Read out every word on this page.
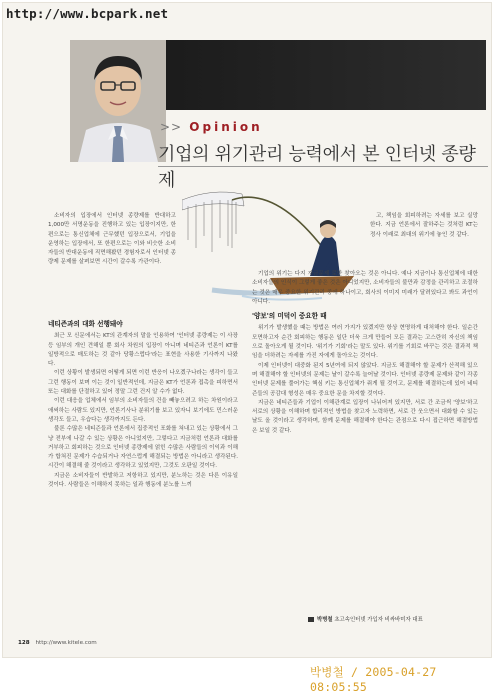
http://www.bcpark.net
>> Opinion
기업의 위기관리 능력에서 본 인터넷 종량제

소비자의 입장에서 인터넷 종량제를 반대하고 1,000만 서명운동을 진행하고 있는 입장이지만, 한편으로는 통신업체에 근무했던 입장으로서, 기업을 운영하는 입장에서, 또 한편으로는 이와 비슷한 소비자들의 반대운동에 직면해봤던 경험자로서 인터넷 종량제 문제를 살펴보면 시간이 갈수록 가관이다.

네티즌과의 대화 선행돼야

최근 모 신문에서는 KT의 관계자의 말을 인용하여 '인터넷 종량제는 이 사장 등 임부의 개인 견해일 뿐 회사 차원의 입장이 아니며 네티즌과 언론이 KT를 일방적으로 매도하는 것 같아 당황스럽다'라는 표현을 사용한 기사까지 나왔다.

이런 상황이 발생되면 어떻게 되면 이런 반응이 나오겠구나라는 생각이 들고 그런 행동이 보며 이는 것이 일반적인데, 지금은 KT가 언론과 접촉을 피하면서 또는 대화를 단절하고 있어 정말 그런 건지 알 수가 없다.

이런 대응을 업체에서 임부의 소비자들의 건을 빼놓으려고 하는 차원이라고 애써하는 사람도 있지만, 언론기사나 분위기를 보고 있자니 보기에도 민스러운 생각도 들고, 우습다는 생각까지도 든다.

불론 수많은 네티즌들과 언론에서 집중적인 포화를 쳐내고 있는 상황에서 그냥 전부에 나갈 수 있는 상황은 아니었지만, 그렇다고 지금처럼 언론과 대화를 거부하고 회피하는 것으로 인터넷 종량제에 얽힌 수많은 사람들의 이익과 이해가 합쳐진 문제가 수습되거나 자연스럽게 해결되는 방법은 아니라고 생각된다. 시간이 해결해 줄 것이라고 생각하고 있었지만, 그것도 오판일 것이다.

지금은 소비자들이 반발하고 저항하고 있지만, 분노하는 것은 다른 이유일 것이다. 사람들은 이해하지 못하는 일과 행동에 분노를 느끼

고, 책임을 회피하려는 자세를 보고 실망한다. 지금 언론에서 잘하주는 것처럼 KT는 정사 이래로 최대의 위기에 놓인 것 같다.

기업의 위기는 다지 자금문제 로만 찾아오는 것은 아니다. 예나 지금이나 통신업체에 대한 소비자들의 인식이 그렇게 좋은 것은 아니었지만, 소비자들의 불만과 감정을 관리하고 조절하는 것은 매우 중요한 위기관리 중에 하나이고, 회사의 이미지 미래가 달려있다고 봐도 과언이 아니다.

'양보'의 미덕이 중요한 때

위기가 발생했을 때는 방법은 여러 가지가 있겠지만 항상 현명하게 대처해야 한다. 일순간 모면하고자 순간 회피하는 행동은 일단 더욱 크게 만들어 모든 결과는 고스란히 자신의 책임으로 돌아오게 될 것이다. '위기가 기회'라는 말도 있다. 위기를 기회로 바꾸는 것은 결과적 책임을 더하려는 자세를 가진 자에게 돌아오는 것이다.

이제 인터넷이 대중화 된지 5년여에 되지 않았다. 지금도 해결해야 할 문제가 산적해 있으며 해결해야 할 인터넷의 문제는 날이 갈수록 늘어날 것이다. 인터넷 종량제 문제와 같이 각종 인터넷 문제를 풀어가는 핵심 키는 통신업체가 쥐게 될 것이고, 문제를 해결하는데 있어 네티즌들의 공감대 형성은 매우 중요한 문을 차지할 것이다.

지금은 네티즌들과 기업이 이해관계로 입장이 나뉘어져 있지만, 서로 간 조금씩 '양보'하고 서로의 상황을 이해하며 합리적인 방법을 찾고자 노력하면, 서로 간 웃으면서 대화할 수 있는 날도 올 것이라고 생각하며, 함께 문제를 해결해야 한다는 관점으로 다시 접근하면 해결방법은 보일 것 같다.

박병철 초고속인터넷 가입자 비싸바미자 대표
128 http://www.kitele.com
박병철 / 2005-04-27 08:05:55
